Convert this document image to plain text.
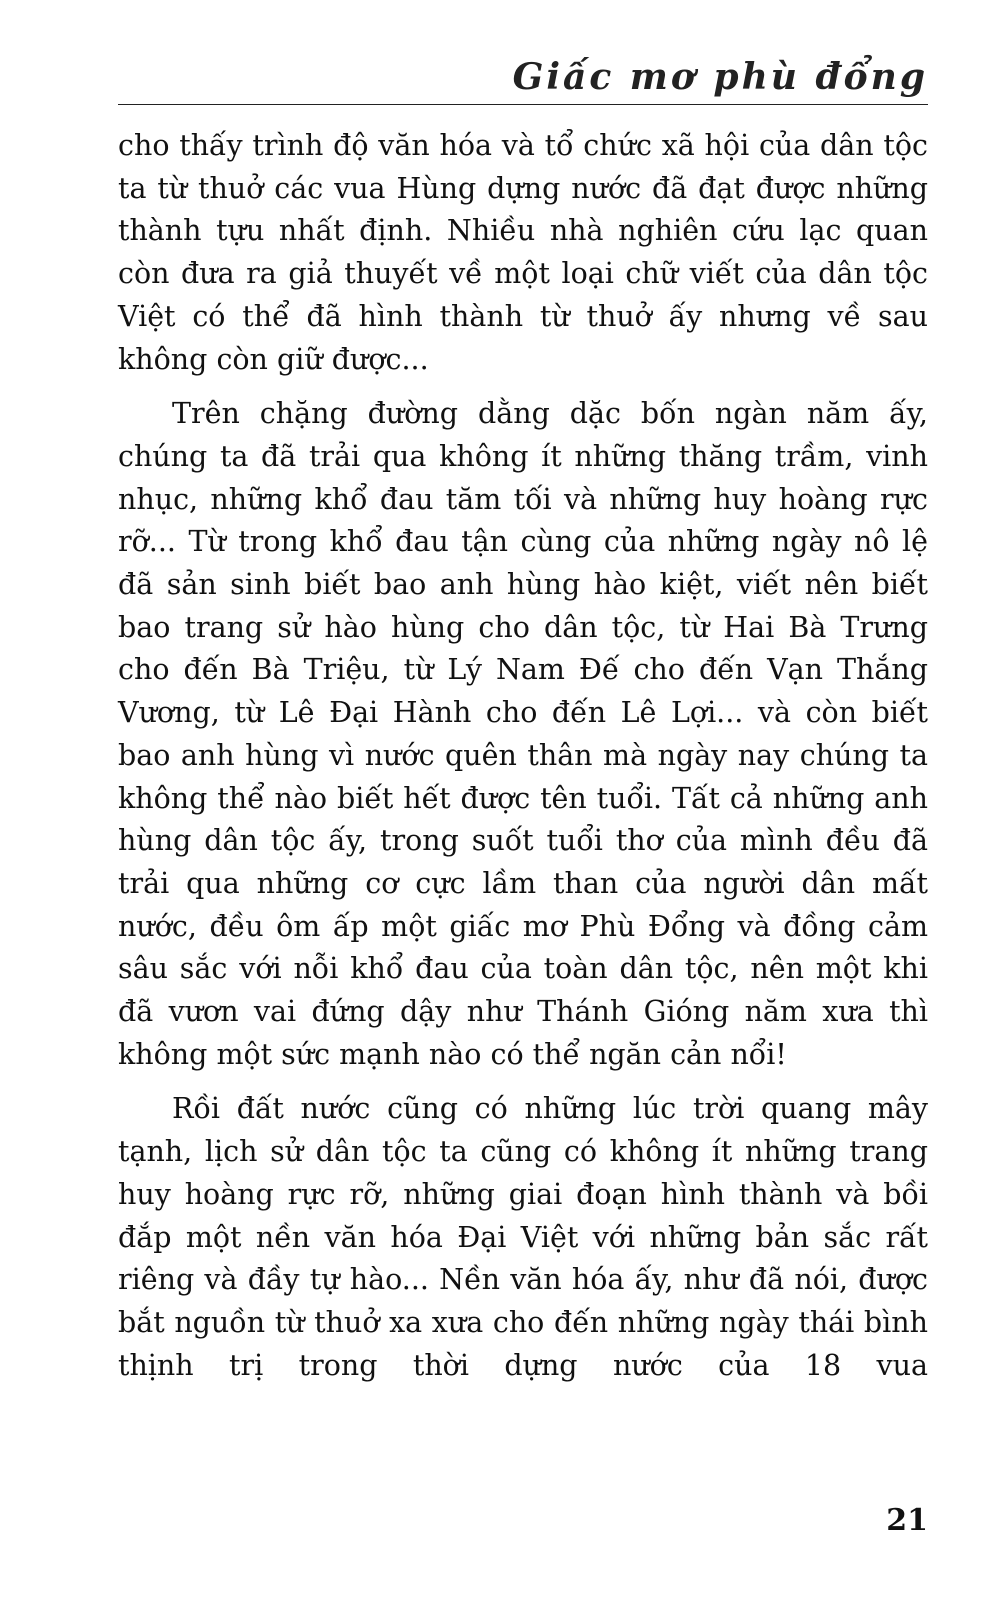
Giấc mơ phù đổng

cho thấy trình độ văn hóa và tổ chức xã hội của dân tộc ta từ thuở các vua Hùng dựng nước đã đạt được những thành tựu nhất định. Nhiều nhà nghiên cứu lạc quan còn đưa ra giả thuyết về một loại chữ viết của dân tộc Việt có thể đã hình thành từ thuở ấy nhưng về sau không còn giữ được...

Trên chặng đường dằng dặc bốn ngàn năm ấy, chúng ta đã trải qua không ít những thăng trầm, vinh nhục, những khổ đau tăm tối và những huy hoàng rực rỡ... Từ trong khổ đau tận cùng của những ngày nô lệ đã sản sinh biết bao anh hùng hào kiệt, viết nên biết bao trang sử hào hùng cho dân tộc, từ Hai Bà Trưng cho đến Bà Triệu, từ Lý Nam Đế cho đến Vạn Thắng Vương, từ Lê Đại Hành cho đến Lê Lợi... và còn biết bao anh hùng vì nước quên thân mà ngày nay chúng ta không thể nào biết hết được tên tuổi. Tất cả những anh hùng dân tộc ấy, trong suốt tuổi thơ của mình đều đã trải qua những cơ cực lầm than của người dân mất nước, đều ôm ấp một giấc mơ Phù Đổng và đồng cảm sâu sắc với nỗi khổ đau của toàn dân tộc, nên một khi đã vươn vai đứng dậy như Thánh Gióng năm xưa thì không một sức mạnh nào có thể ngăn cản nổi!

Rồi đất nước cũng có những lúc trời quang mây tạnh, lịch sử dân tộc ta cũng có không ít những trang huy hoàng rực rỡ, những giai đoạn hình thành và bồi đắp một nền văn hóa Đại Việt với những bản sắc rất riêng và đầy tự hào... Nền văn hóa ấy, như đã nói, được bắt nguồn từ thuở xa xưa cho đến những ngày thái bình thịnh trị trong thời dựng nước của 18 vua

21
